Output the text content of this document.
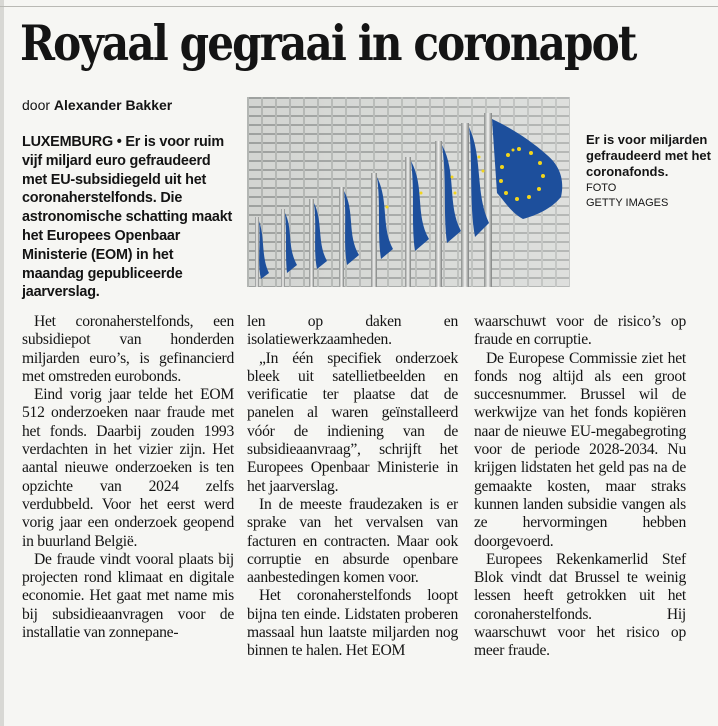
Royaal gegraai in coronapot
door Alexander Bakker
Er is voor miljarden gefraudeerd met het coronafonds.
FOTO
GETTY IMAGES
LUXEMBURG • Er is voor ruim vijf miljard euro gefraudeerd met EU-subsidiegeld uit het coronaherstelfonds. Die astronomische schatting maakt het Europees Openbaar Ministerie (EOM) in het maandag gepubliceerde jaarverslag.

Het coronaherstelfonds, een subsidiepot van honderden miljarden euro’s, is gefinancierd met omstreden eurobonds.

Eind vorig jaar telde het EOM 512 onderzoeken naar fraude met het fonds. Daarbij zouden 1993 verdachten in het vizier zijn. Het aantal nieuwe onderzoeken is ten opzichte van 2024 zelfs verdubbeld. Voor het eerst werd vorig jaar een onderzoek geopend in buurland België.

De fraude vindt vooral plaats bij projecten rond klimaat en digitale economie. Het gaat met name mis bij subsidieaanvragen voor de installatie van zonnepane-

len op daken en isolatiewerkzaamheden.

„In één specifiek onderzoek bleek uit satellietbeelden en verificatie ter plaatse dat de panelen al waren geïnstalleerd vóór de indiening van de subsidieaanvraag”, schrijft het Europees Openbaar Ministerie in het jaarverslag.

In de meeste fraudezaken is er sprake van het vervalsen van facturen en contracten. Maar ook corruptie en absurde openbare aanbestedingen komen voor.

Het coronaherstelfonds loopt bijna ten einde. Lidstaten proberen massaal hun laatste miljarden nog binnen te halen. Het EOM

waarschuwt voor de risico’s op fraude en corruptie.

De Europese Commissie ziet het fonds nog altijd als een groot succesnummer. Brussel wil de werkwijze van het fonds kopiëren naar de nieuwe EU-megabegroting voor de periode 2028-2034. Nu krijgen lidstaten het geld pas na de gemaakte kosten, maar straks kunnen landen subsidie vangen als ze hervormingen hebben doorgevoerd.

Europees Rekenkamerlid Stef Blok vindt dat Brussel te weinig lessen heeft getrokken uit het coronaherstelfonds. Hij waarschuwt voor het risico op meer fraude.
